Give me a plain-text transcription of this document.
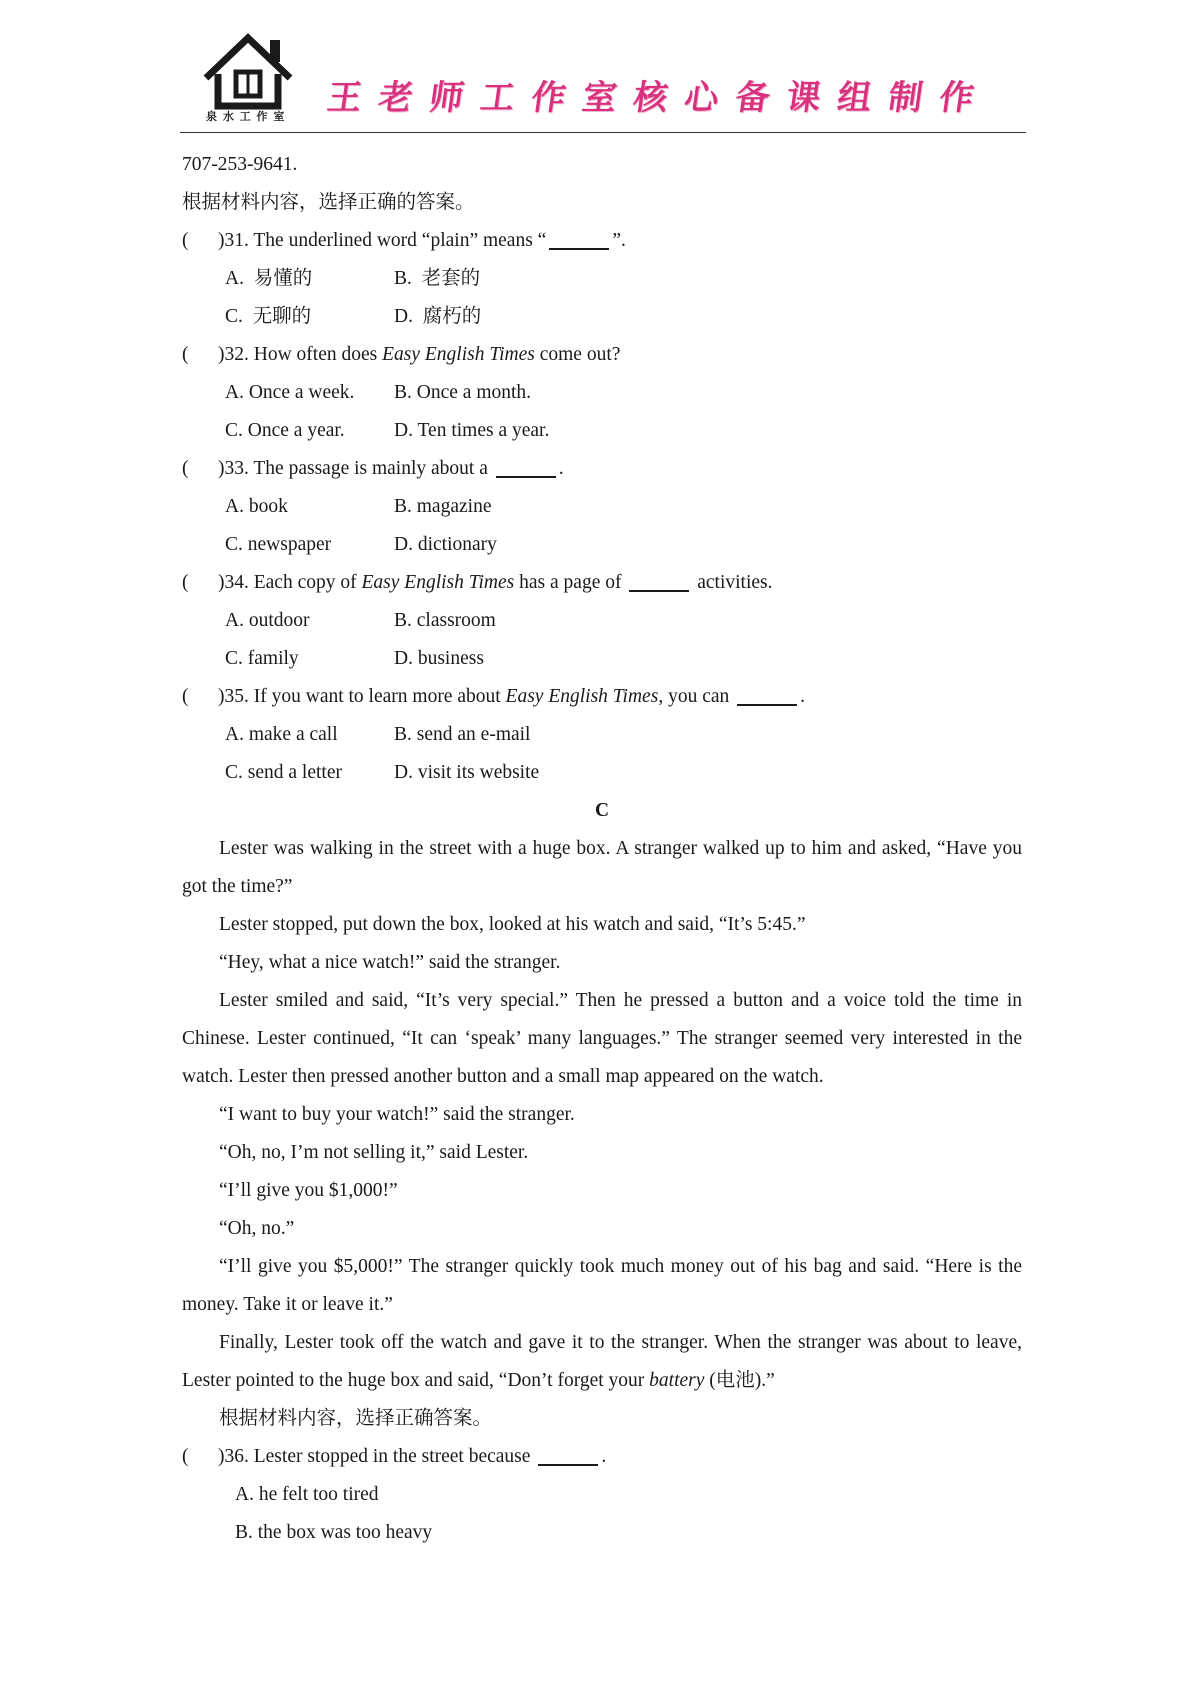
泉 水 工 作 室	王老师工作室核心备课组制作
707-253-9641.
根据材料内容，选择正确的答案。
( )31. The underlined word “plain” means “	”.
A. 易懂的	B. 老套的
C. 无聊的	D. 腐朽的
( )32. How often does Easy English Times come out?
A. Once a week. B. Once a month.
C. Once a year.	D. Ten times a year.
( )33. The passage is mainly about a	.
A. book	B. magazine
C. newspaper	D. dictionary
( )34. Each copy of Easy English Times has a page of	activities.
A. outdoor	B. classroom
C. family	D. business
( )35. If you want to learn more about Easy English Times, you can	.
A. make a call	B. send an e-mail
C. send a letter	D. visit its website
C

Lester was walking in the street with a huge box. A stranger walked up to him and asked, “Have you got the time?”

Lester stopped, put down the box, looked at his watch and said, “It’s 5:45.”

“Hey, what a nice watch!” said the stranger.

Lester smiled and said, “It’s very special.” Then he pressed a button and a voice told the time in Chinese. Lester continued, “It can ‘speak’ many languages.” The stranger seemed very interested in the watch. Lester then pressed another button and a small map appeared on the watch.

“I want to buy your watch!” said the stranger.

“Oh, no, I’m not selling it,” said Lester.

“I’ll give you $1,000!”

“Oh, no.”

“I’ll give you $5,000!” The stranger quickly took much money out of his bag and said. “Here is the money. Take it or leave it.”

Finally, Lester took off the watch and gave it to the stranger. When the stranger was about to leave, Lester pointed to the huge box and said, “Don’t forget your battery (电池).”

根据材料内容，选择正确答案。
( )36. Lester stopped in the street because	.
A. he felt too tired
B. the box was too heavy
